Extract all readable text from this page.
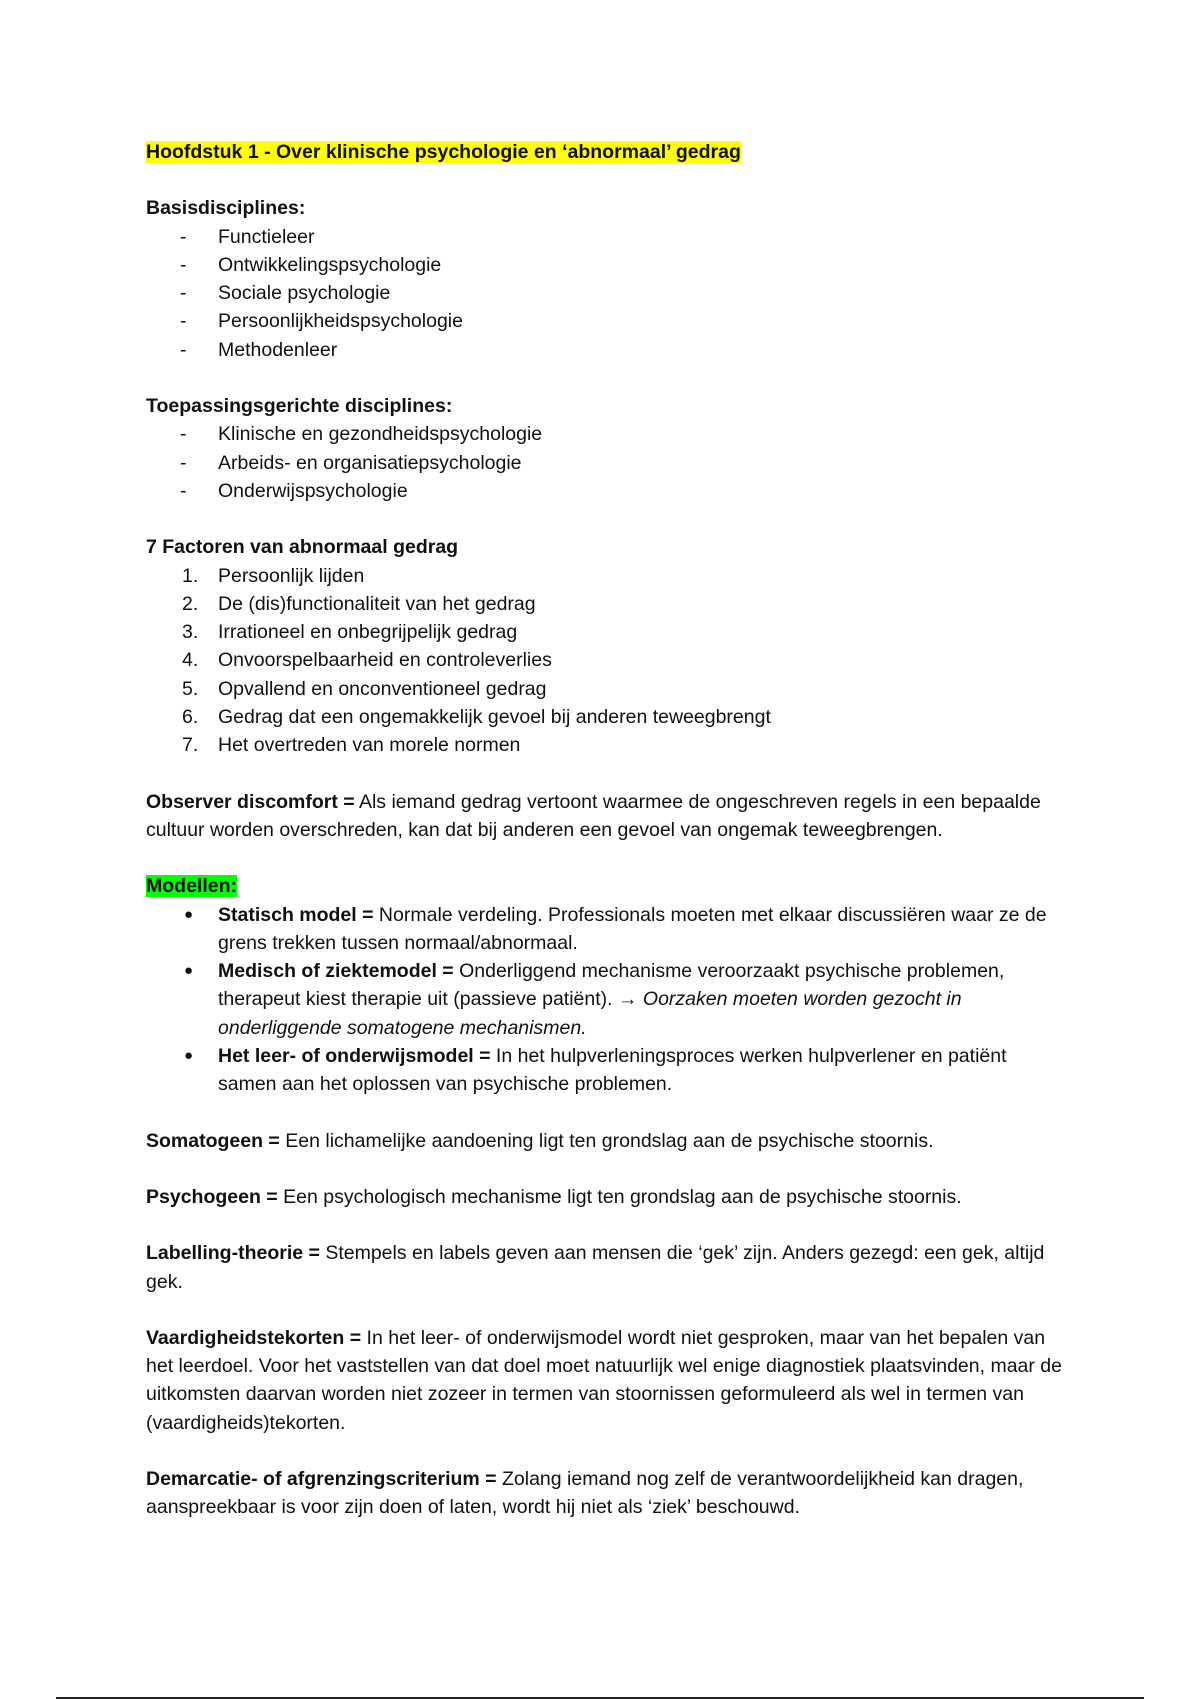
Hoofdstuk 1 - Over klinische psychologie en ‘abnormaal’ gedrag
Basisdisciplines:
-	Functieleer
-	Ontwikkelingspsychologie
-	Sociale psychologie
-	Persoonlijkheidspsychologie
-	Methodenleer
Toepassingsgerichte disciplines:
-	Klinische en gezondheidspsychologie
-	Arbeids- en organisatiepsychologie
-	Onderwijspsychologie
7 Factoren van abnormaal gedrag
1.	Persoonlijk lijden
2.	De (dis)functionaliteit van het gedrag
3.	Irrationeel en onbegrijpelijk gedrag
4.	Onvoorspelbaarheid en controleverlies
5.	Opvallend en onconventioneel gedrag
6.	Gedrag dat een ongemakkelijk gevoel bij anderen teweegbrengt
7.	Het overtreden van morele normen

Observer discomfort = Als iemand gedrag vertoont waarmee de ongeschreven regels in een bepaalde cultuur worden overschreden, kan dat bij anderen een gevoel van ongemak teweegbrengen.

Modellen:
●	Statisch model = Normale verdeling. Professionals moeten met elkaar discussiëren waar ze de grens trekken tussen normaal/abnormaal.
●	Medisch of ziektemodel = Onderliggend mechanisme veroorzaakt psychische problemen, therapeut kiest therapie uit (passieve patiënt). → Oorzaken moeten worden gezocht in onderliggende somatogene mechanismen.
●	Het leer- of onderwijsmodel = In het hulpverleningsproces werken hulpverlener en patiënt samen aan het oplossen van psychische problemen.

Somatogeen = Een lichamelijke aandoening ligt ten grondslag aan de psychische stoornis.

Psychogeen = Een psychologisch mechanisme ligt ten grondslag aan de psychische stoornis.

Labelling-theorie = Stempels en labels geven aan mensen die ‘gek’ zijn. Anders gezegd: een gek, altijd gek.

Vaardigheidstekorten = In het leer- of onderwijsmodel wordt niet gesproken, maar van het bepalen van het leerdoel. Voor het vaststellen van dat doel moet natuurlijk wel enige diagnostiek plaatsvinden, maar de uitkomsten daarvan worden niet zozeer in termen van stoornissen geformuleerd als wel in termen van (vaardigheids)tekorten.

Demarcatie- of afgrenzingscriterium = Zolang iemand nog zelf de verantwoordelijkheid kan dragen, aanspreekbaar is voor zijn doen of laten, wordt hij niet als ‘ziek’ beschouwd.
